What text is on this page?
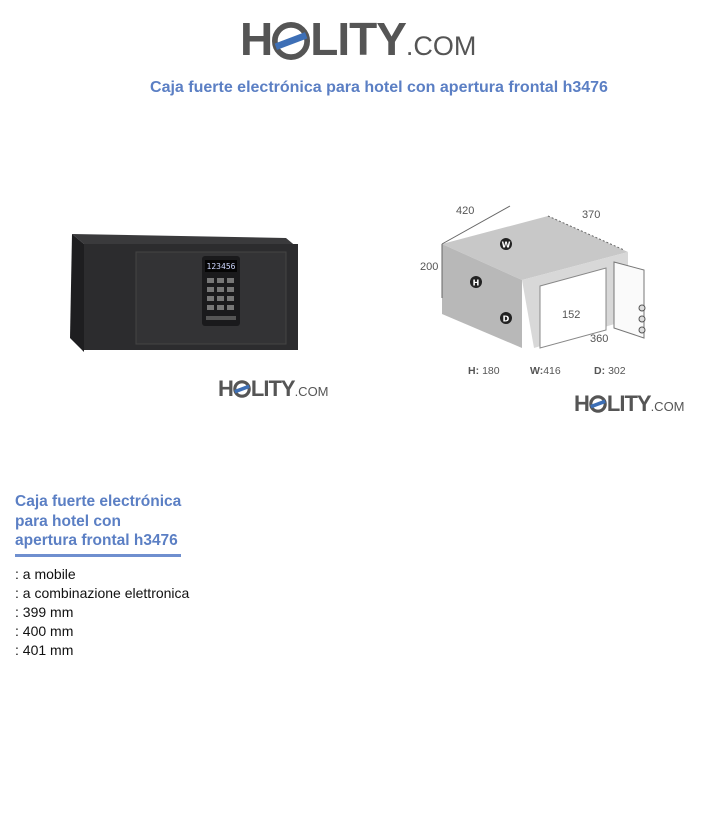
H LITY .COM
Caja fuerte electrónica para hotel con apertura frontal h3476
123456
H LITY .COM
W
H
D
420	370
200
152
360
H: 180	W:416	D: 302
H LITY .COM
Caja fuerte electrónica
para hotel con
apertura frontal h3476
: a mobile
: a combinazione elettronica
: 399 mm
: 400 mm
: 401 mm
